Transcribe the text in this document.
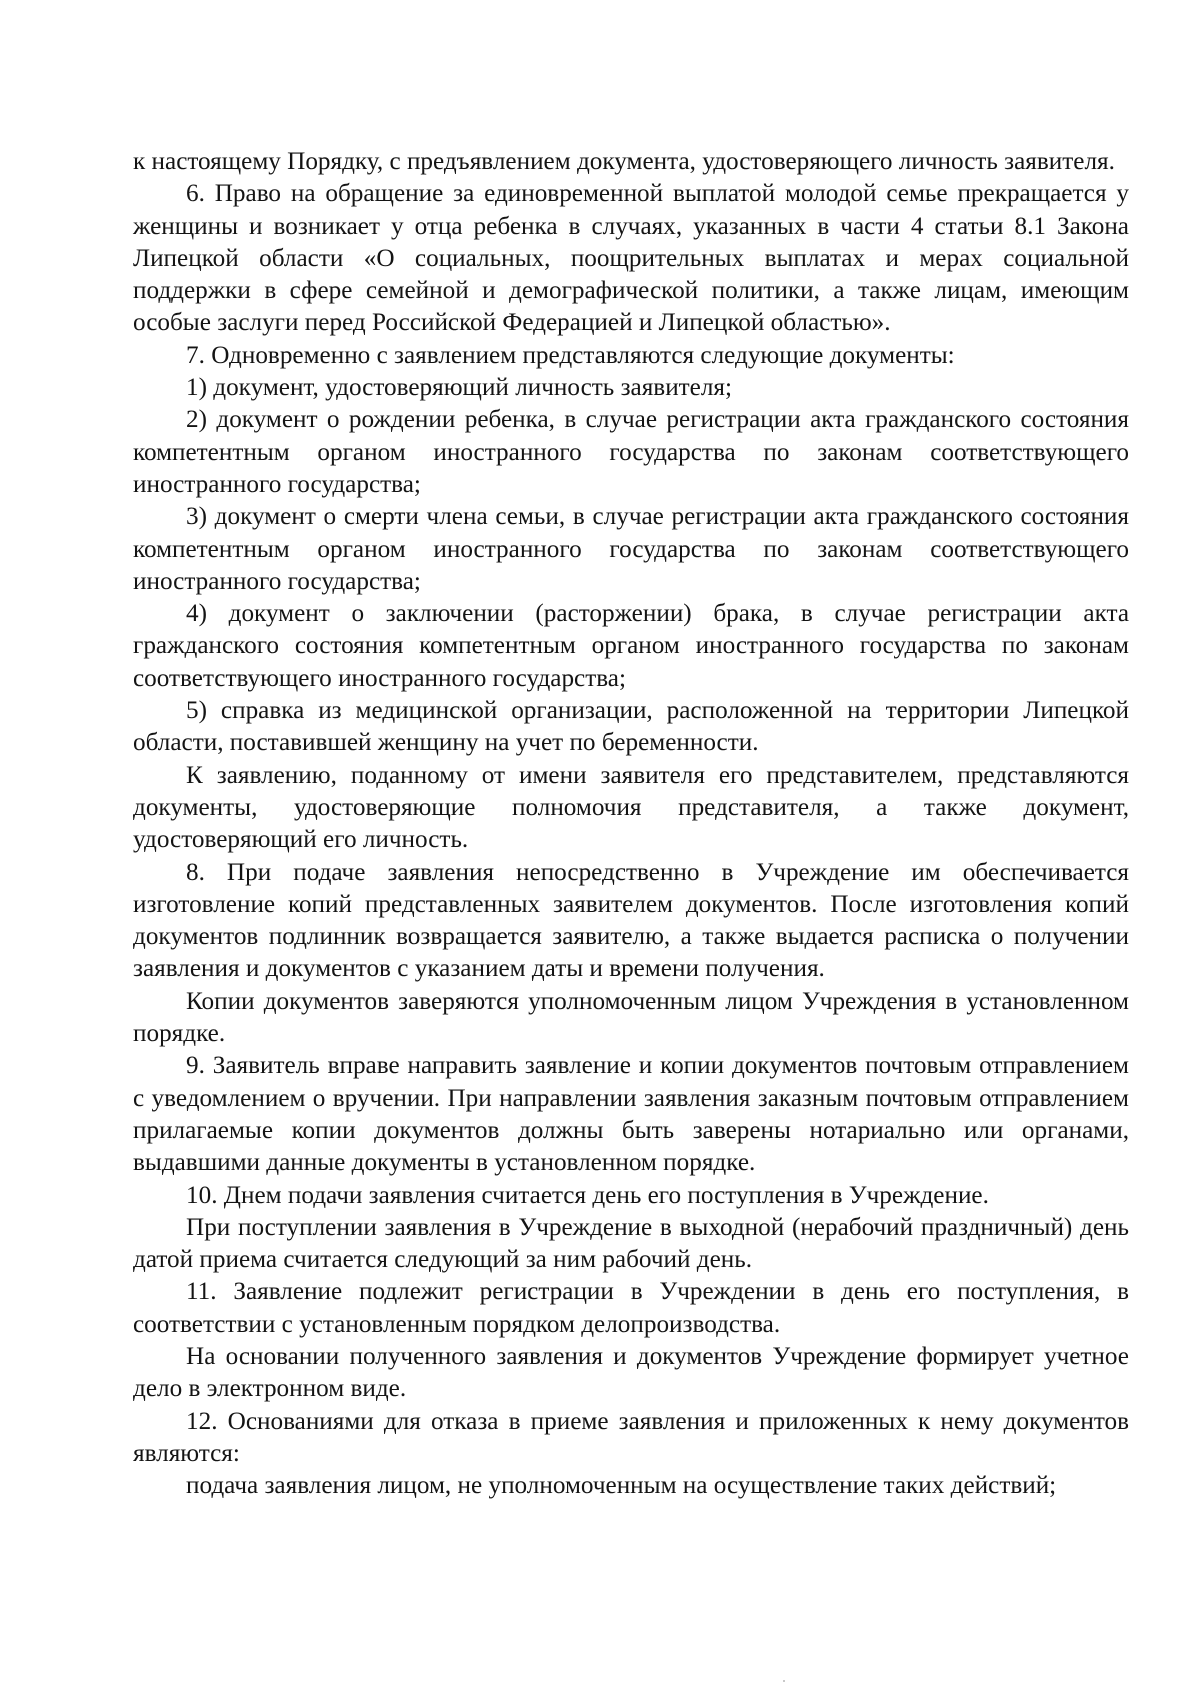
к настоящему Порядку, с предъявлением документа, удостоверяющего личность заявителя.

6. Право на обращение за единовременной выплатой молодой семье прекращается у женщины и возникает у отца ребенка в случаях, указанных в части 4 статьи 8.1 Закона Липецкой области «О социальных, поощрительных выплатах и мерах социальной поддержки в сфере семейной и демографической политики, а также лицам, имеющим особые заслуги перед Российской Федерацией и Липецкой областью».

7. Одновременно с заявлением представляются следующие документы:

1) документ, удостоверяющий личность заявителя;

2) документ о рождении ребенка, в случае регистрации акта гражданского состояния компетентным органом иностранного государства по законам соответствующего иностранного государства;

3) документ о смерти члена семьи, в случае регистрации акта гражданского состояния компетентным органом иностранного государства по законам соответствующего иностранного государства;

4) документ о заключении (расторжении) брака, в случае регистрации акта гражданского состояния компетентным органом иностранного государства по законам соответствующего иностранного государства;

5) справка из медицинской организации, расположенной на территории Липецкой области, поставившей женщину на учет по беременности.

К заявлению, поданному от имени заявителя его представителем, представляются документы, удостоверяющие полномочия представителя, а также документ, удостоверяющий его личность.

8. При подаче заявления непосредственно в Учреждение им обеспечивается изготовление копий представленных заявителем документов. После изготовления копий документов подлинник возвращается заявителю, а также выдается расписка о получении заявления и документов с указанием даты и времени получения.

Копии документов заверяются уполномоченным лицом Учреждения в установленном порядке.

9. Заявитель вправе направить заявление и копии документов почтовым отправлением с уведомлением о вручении. При направлении заявления заказным почтовым отправлением прилагаемые копии документов должны быть заверены нотариально или органами, выдавшими данные документы в установленном порядке.

10. Днем подачи заявления считается день его поступления в Учреждение.

При поступлении заявления в Учреждение в выходной (нерабочий праздничный) день датой приема считается следующий за ним рабочий день.

11. Заявление подлежит регистрации в Учреждении в день его поступления, в соответствии с установленным порядком делопроизводства.

На основании полученного заявления и документов Учреждение формирует учетное дело в электронном виде.

12. Основаниями для отказа в приеме заявления и приложенных к нему документов являются:

подача заявления лицом, не уполномоченным на осуществление таких действий;
